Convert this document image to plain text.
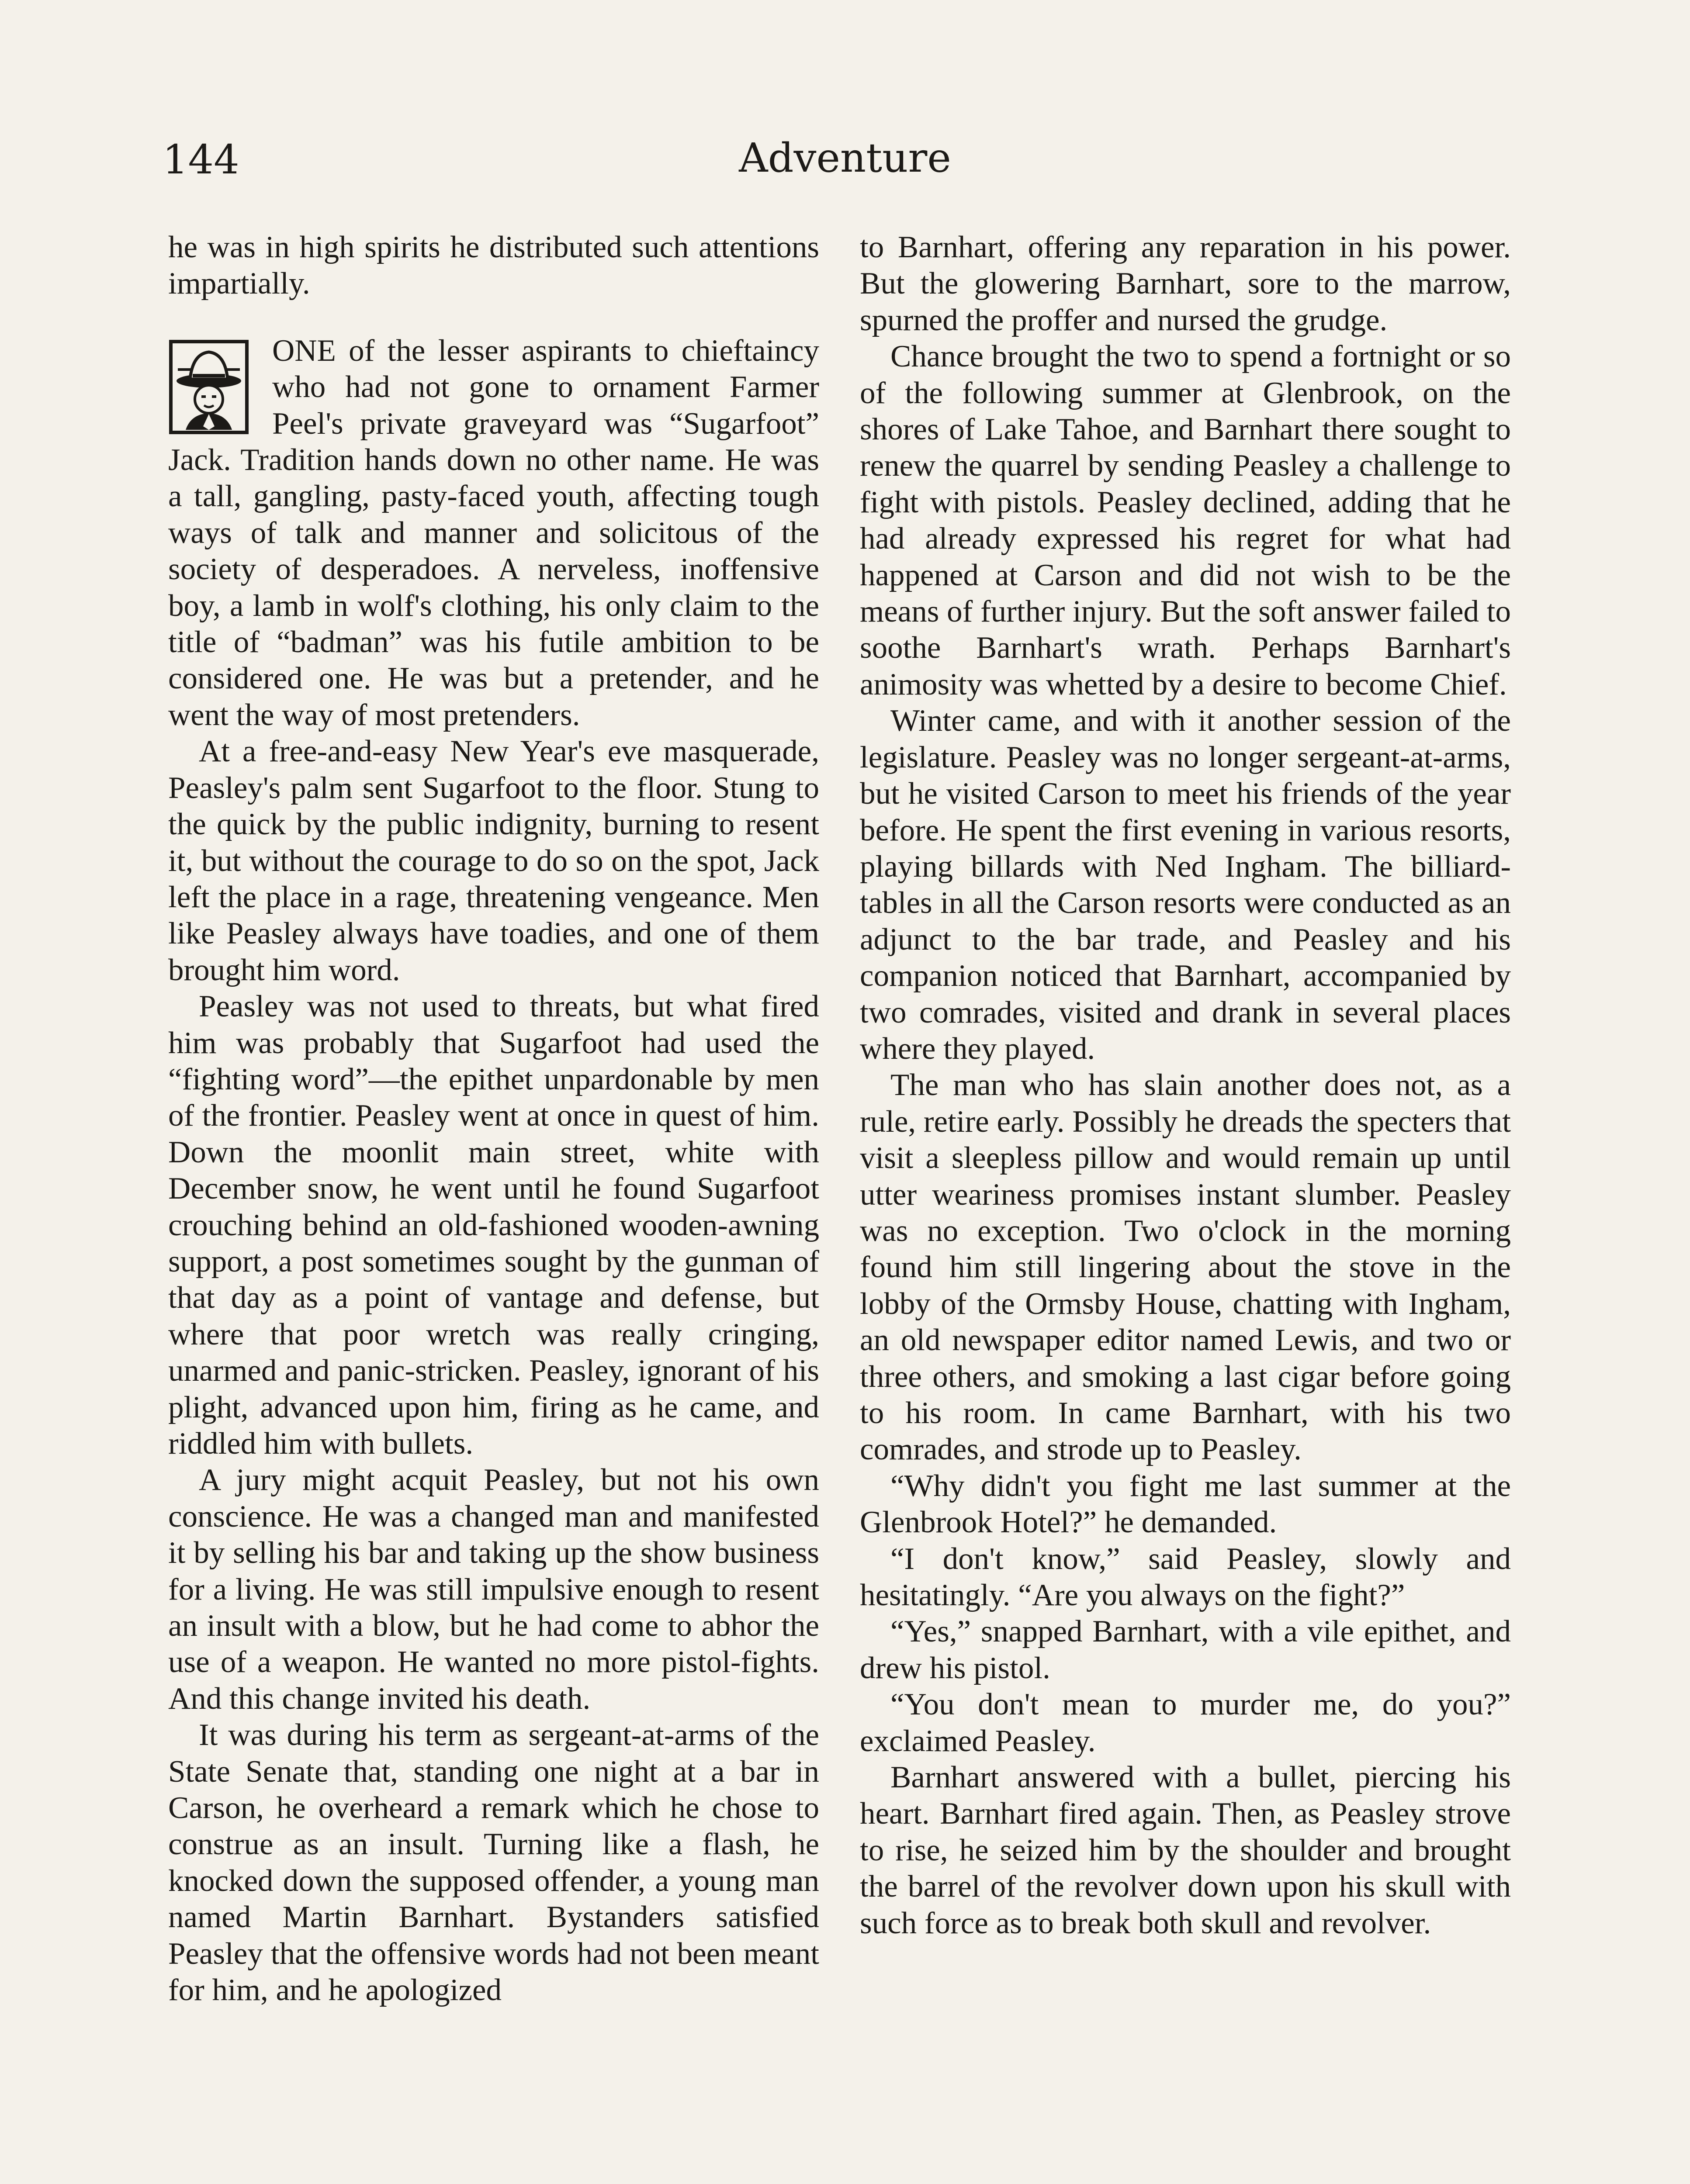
144	Adventure

he was in high spirits he distributed such attentions impartially.

ONE of the lesser aspirants to chieftaincy who had not gone to ornament Farmer Peel's private graveyard was “Sugarfoot” Jack. Tradition hands down no other name. He was a tall, gangling, pasty-faced youth, affecting tough ways of talk and manner and solicitous of the society of desperadoes. A nerveless, inoffensive boy, a lamb in wolf's clothing, his only claim to the title of “badman” was his futile ambition to be considered one. He was but a pretender, and he went the way of most pretenders.

At a free-and-easy New Year's eve masquerade, Peasley's palm sent Sugarfoot to the floor. Stung to the quick by the public indignity, burning to resent it, but without the courage to do so on the spot, Jack left the place in a rage, threatening vengeance. Men like Peasley always have toadies, and one of them brought him word.

Peasley was not used to threats, but what fired him was probably that Sugarfoot had used the “fighting word”—the epithet unpardonable by men of the frontier. Peasley went at once in quest of him. Down the moonlit main street, white with December snow, he went until he found Sugarfoot crouching behind an old-fashioned wooden-awning support, a post sometimes sought by the gunman of that day as a point of vantage and defense, but where that poor wretch was really cringing, unarmed and panic-stricken. Peasley, ignorant of his plight, advanced upon him, firing as he came, and riddled him with bullets.

A jury might acquit Peasley, but not his own conscience. He was a changed man and manifested it by selling his bar and taking up the show business for a living. He was still impulsive enough to resent an insult with a blow, but he had come to abhor the use of a weapon. He wanted no more pistol-fights. And this change invited his death.

It was during his term as sergeant-at-arms of the State Senate that, standing one night at a bar in Carson, he overheard a remark which he chose to construe as an insult. Turning like a flash, he knocked down the supposed offender, a young man named Martin Barnhart. Bystanders satisfied Peasley that the offensive words had not been meant for him, and he apologized

to Barnhart, offering any reparation in his power. But the glowering Barnhart, sore to the marrow, spurned the proffer and nursed the grudge.

Chance brought the two to spend a fortnight or so of the following summer at Glenbrook, on the shores of Lake Tahoe, and Barnhart there sought to renew the quarrel by sending Peasley a challenge to fight with pistols. Peasley declined, adding that he had already expressed his regret for what had happened at Carson and did not wish to be the means of further injury. But the soft answer failed to soothe Barnhart's wrath. Perhaps Barnhart's animosity was whetted by a desire to become Chief.

Winter came, and with it another session of the legislature. Peasley was no longer sergeant-at-arms, but he visited Carson to meet his friends of the year before. He spent the first evening in various resorts, playing billards with Ned Ingham. The billiard-tables in all the Carson resorts were conducted as an adjunct to the bar trade, and Peasley and his companion noticed that Barnhart, accompanied by two comrades, visited and drank in several places where they played.

The man who has slain another does not, as a rule, retire early. Possibly he dreads the specters that visit a sleepless pillow and would remain up until utter weariness promises instant slumber. Peasley was no exception. Two o'clock in the morning found him still lingering about the stove in the lobby of the Ormsby House, chatting with Ingham, an old newspaper editor named Lewis, and two or three others, and smoking a last cigar before going to his room. In came Barnhart, with his two comrades, and strode up to Peasley.

“Why didn't you fight me last summer at the Glenbrook Hotel?” he demanded.

“I don't know,” said Peasley, slowly and hesitatingly. “Are you always on the fight?”

“Yes,” snapped Barnhart, with a vile epithet, and drew his pistol.

“You don't mean to murder me, do you?” exclaimed Peasley.

Barnhart answered with a bullet, piercing his heart. Barnhart fired again. Then, as Peasley strove to rise, he seized him by the shoulder and brought the barrel of the revolver down upon his skull with such force as to break both skull and revolver.
